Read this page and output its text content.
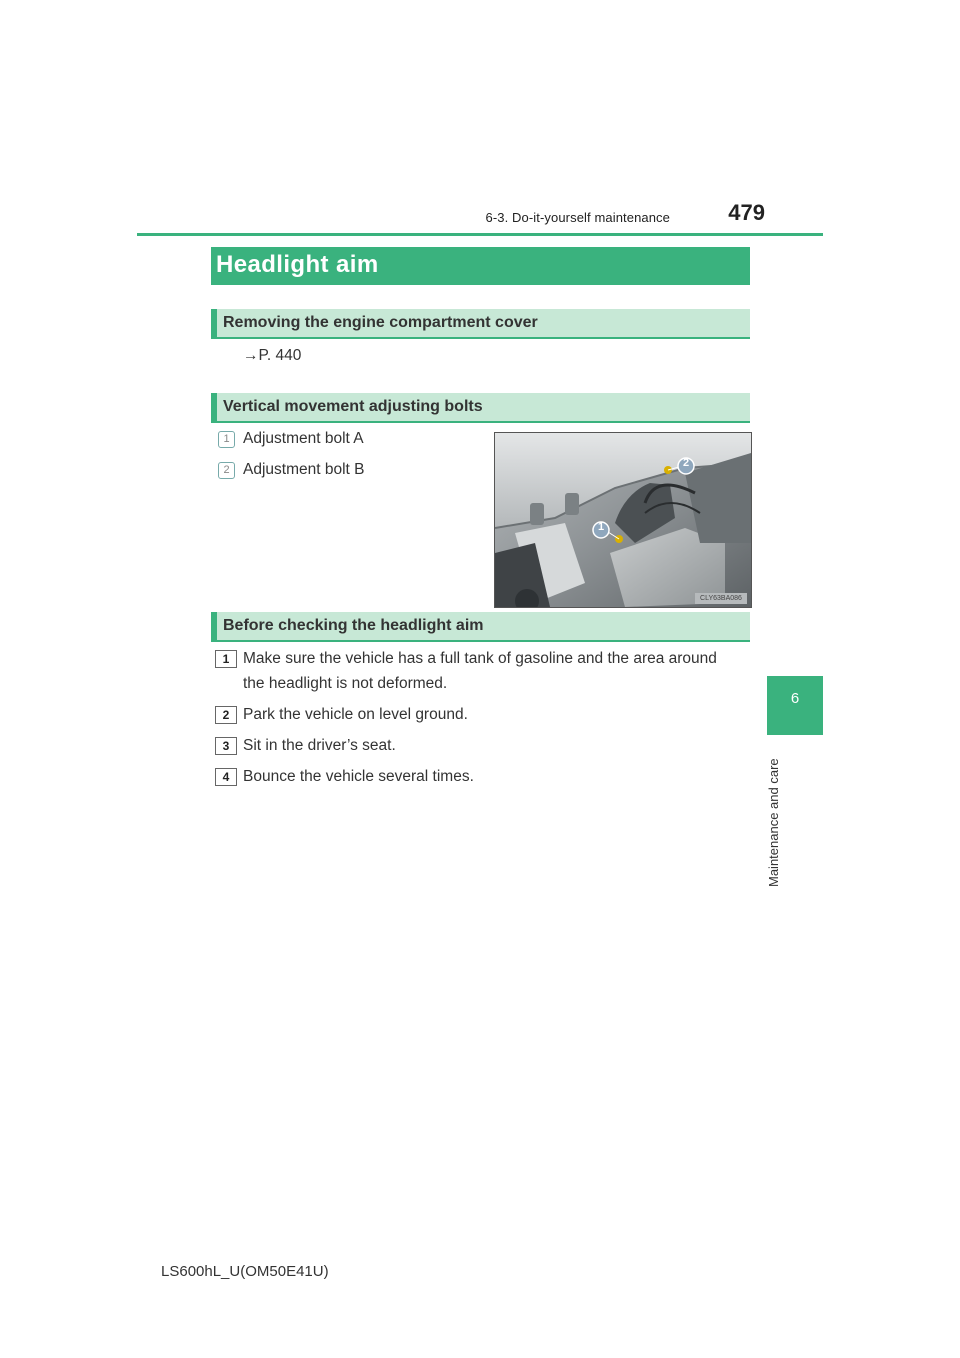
6-3. Do-it-yourself maintenance	479
6
Maintenance and care
Headlight aim
Removing the engine compartment cover
→P. 440
Vertical movement adjusting bolts
1 Adjustment bolt A
2 Adjustment bolt B
1
2
CLY63BA086
Before checking the headlight aim
1 Make sure the vehicle has a full tank of gasoline and the area around
the headlight is not deformed.
2 Park the vehicle on level ground.
3 Sit in the driver’s seat.
4 Bounce the vehicle several times.
LS600hL_U(OM50E41U)
